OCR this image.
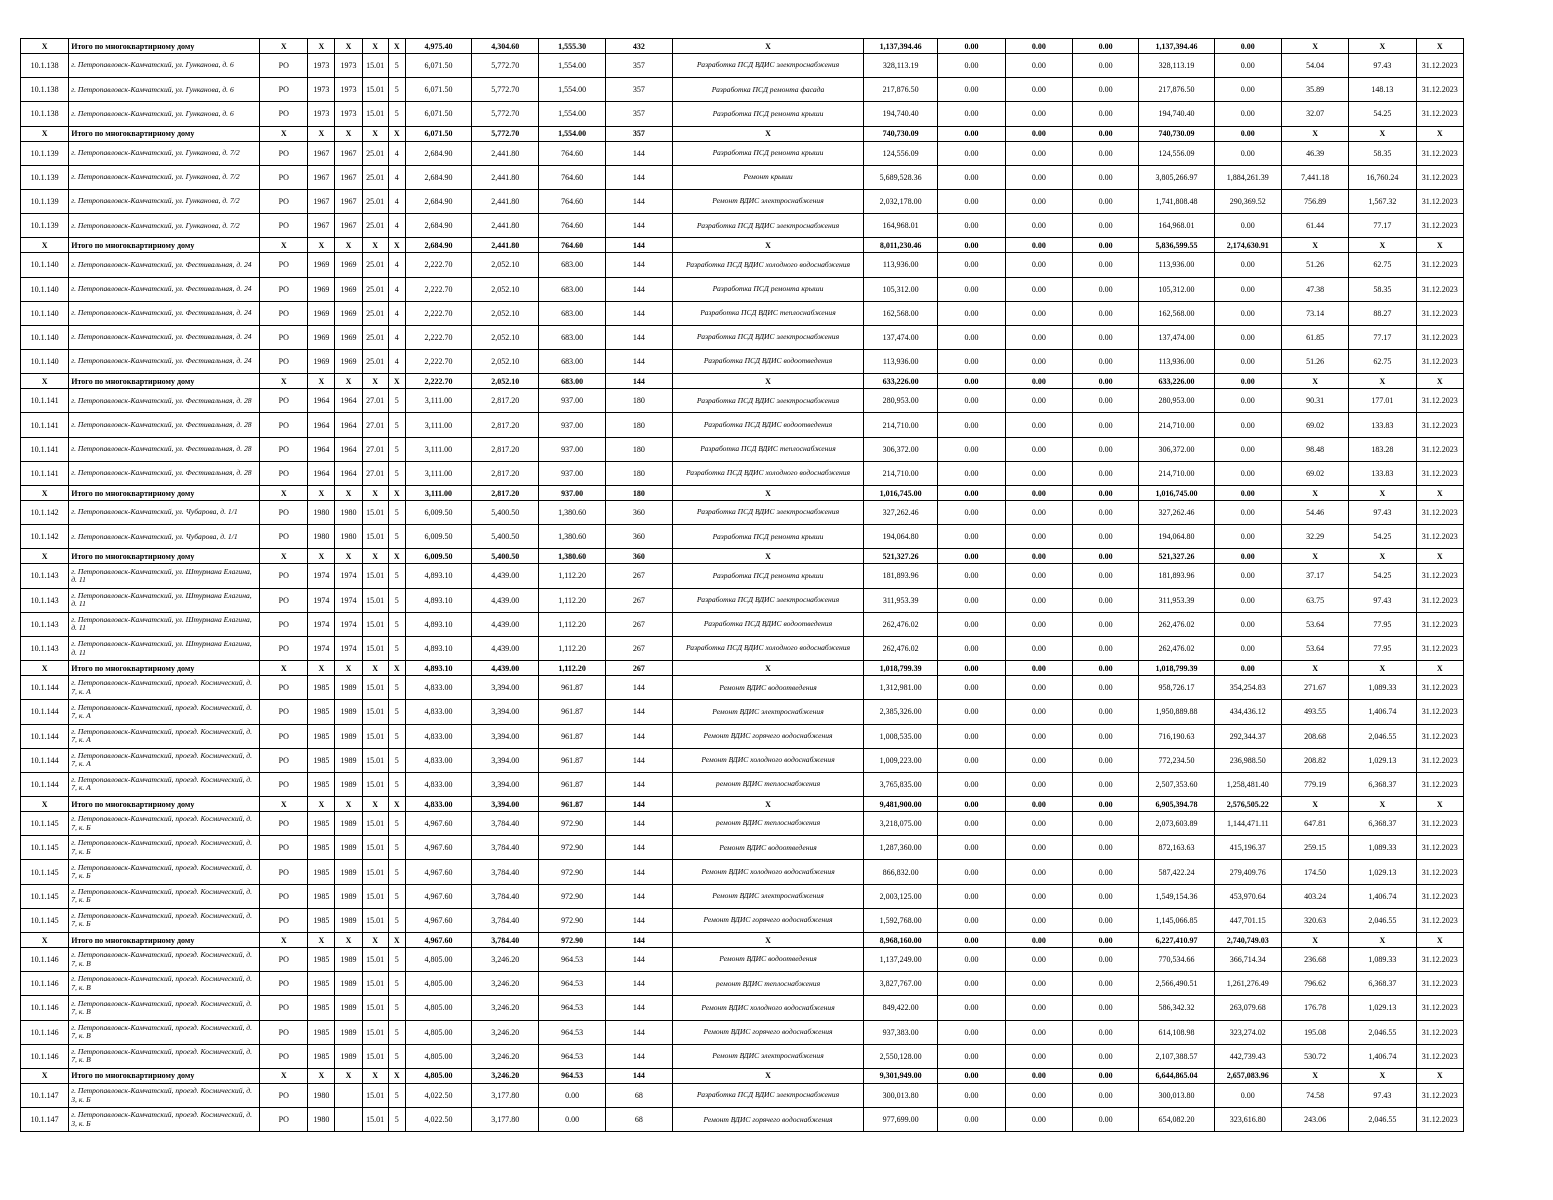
X	Итого по многоквартирному дому	X	X	X	X	X	4,975.40	4,304.60	1,555.30	432	X	1,137,394.46	0.00	0.00	0.00	1,137,394.46	0.00	X	X	X
10.1.138	г. Петропавловск-Камчатский, ул. Гунканова, д. 6	РО	1973	1973	15.01	5	6,071.50	5,772.70	1,554.00	357	Разработка ПСД ВДИС электроснабжения	328,113.19	0.00	0.00	0.00	328,113.19	0.00	54.04	97.43	31.12.2023
10.1.138	г. Петропавловск-Камчатский, ул. Гунканова, д. 6	РО	1973	1973	15.01	5	6,071.50	5,772.70	1,554.00	357	Разработка ПСД ремонта фасада	217,876.50	0.00	0.00	0.00	217,876.50	0.00	35.89	148.13	31.12.2023
10.1.138	г. Петропавловск-Камчатский, ул. Гунканова, д. 6	РО	1973	1973	15.01	5	6,071.50	5,772.70	1,554.00	357	Разработка ПСД ремонта крыши	194,740.40	0.00	0.00	0.00	194,740.40	0.00	32.07	54.25	31.12.2023
X	Итого по многоквартирному дому	X	X	X	X	X	6,071.50	5,772.70	1,554.00	357	X	740,730.09	0.00	0.00	0.00	740,730.09	0.00	X	X	X
10.1.139	г. Петропавловск-Камчатский, ул. Гунканова, д. 7/2	РО	1967	1967	25.01	4	2,684.90	2,441.80	764.60	144	Разработка ПСД ремонта крыши	124,556.09	0.00	0.00	0.00	124,556.09	0.00	46.39	58.35	31.12.2023
10.1.139	г. Петропавловск-Камчатский, ул. Гунканова, д. 7/2	РО	1967	1967	25.01	4	2,684.90	2,441.80	764.60	144	Ремонт крыши	5,689,528.36	0.00	0.00	0.00	3,805,266.97	1,884,261.39	7,441.18	16,760.24	31.12.2023
10.1.139	г. Петропавловск-Камчатский, ул. Гунканова, д. 7/2	РО	1967	1967	25.01	4	2,684.90	2,441.80	764.60	144	Ремонт ВДИС электроснабжения	2,032,178.00	0.00	0.00	0.00	1,741,808.48	290,369.52	756.89	1,567.32	31.12.2023
10.1.139	г. Петропавловск-Камчатский, ул. Гунканова, д. 7/2	РО	1967	1967	25.01	4	2,684.90	2,441.80	764.60	144	Разработка ПСД ВДИС электроснабжения	164,968.01	0.00	0.00	0.00	164,968.01	0.00	61.44	77.17	31.12.2023
X	Итого по многоквартирному дому	X	X	X	X	X	2,684.90	2,441.80	764.60	144	X	8,011,230.46	0.00	0.00	0.00	5,836,599.55	2,174,630.91	X	X	X
10.1.140	г. Петропавловск-Камчатский, ул. Фестивальная, д. 24	РО	1969	1969	25.01	4	2,222.70	2,052.10	683.00	144	Разработка ПСД ВДИС холодного водоснабжения	113,936.00	0.00	0.00	0.00	113,936.00	0.00	51.26	62.75	31.12.2023
10.1.140	г. Петропавловск-Камчатский, ул. Фестивальная, д. 24	РО	1969	1969	25.01	4	2,222.70	2,052.10	683.00	144	Разработка ПСД ремонта крыши	105,312.00	0.00	0.00	0.00	105,312.00	0.00	47.38	58.35	31.12.2023
10.1.140	г. Петропавловск-Камчатский, ул. Фестивальная, д. 24	РО	1969	1969	25.01	4	2,222.70	2,052.10	683.00	144	Разработка ПСД ВДИС теплоснабжения	162,568.00	0.00	0.00	0.00	162,568.00	0.00	73.14	88.27	31.12.2023
10.1.140	г. Петропавловск-Камчатский, ул. Фестивальная, д. 24	РО	1969	1969	25.01	4	2,222.70	2,052.10	683.00	144	Разработка ПСД ВДИС электроснабжения	137,474.00	0.00	0.00	0.00	137,474.00	0.00	61.85	77.17	31.12.2023
10.1.140	г. Петропавловск-Камчатский, ул. Фестивальная, д. 24	РО	1969	1969	25.01	4	2,222.70	2,052.10	683.00	144	Разработка ПСД ВДИС водоотведения	113,936.00	0.00	0.00	0.00	113,936.00	0.00	51.26	62.75	31.12.2023
X	Итого по многоквартирному дому	X	X	X	X	X	2,222.70	2,052.10	683.00	144	X	633,226.00	0.00	0.00	0.00	633,226.00	0.00	X	X	X
10.1.141	г. Петропавловск-Камчатский, ул. Фестивальная, д. 28	РО	1964	1964	27.01	5	3,111.00	2,817.20	937.00	180	Разработка ПСД ВДИС электроснабжения	280,953.00	0.00	0.00	0.00	280,953.00	0.00	90.31	177.01	31.12.2023
10.1.141	г. Петропавловск-Камчатский, ул. Фестивальная, д. 28	РО	1964	1964	27.01	5	3,111.00	2,817.20	937.00	180	Разработка ПСД ВДИС водоотведения	214,710.00	0.00	0.00	0.00	214,710.00	0.00	69.02	133.83	31.12.2023
10.1.141	г. Петропавловск-Камчатский, ул. Фестивальная, д. 28	РО	1964	1964	27.01	5	3,111.00	2,817.20	937.00	180	Разработка ПСД ВДИС теплоснабжения	306,372.00	0.00	0.00	0.00	306,372.00	0.00	98.48	183.28	31.12.2023
10.1.141	г. Петропавловск-Камчатский, ул. Фестивальная, д. 28	РО	1964	1964	27.01	5	3,111.00	2,817.20	937.00	180	Разработка ПСД ВДИС холодного водоснабжения	214,710.00	0.00	0.00	0.00	214,710.00	0.00	69.02	133.83	31.12.2023
X	Итого по многоквартирному дому	X	X	X	X	X	3,111.00	2,817.20	937.00	180	X	1,016,745.00	0.00	0.00	0.00	1,016,745.00	0.00	X	X	X
10.1.142	г. Петропавловск-Камчатский, ул. Чубарова, д. 1/1	РО	1980	1980	15.01	5	6,009.50	5,400.50	1,380.60	360	Разработка ПСД ВДИС электроснабжения	327,262.46	0.00	0.00	0.00	327,262.46	0.00	54.46	97.43	31.12.2023
10.1.142	г. Петропавловск-Камчатский, ул. Чубарова, д. 1/1	РО	1980	1980	15.01	5	6,009.50	5,400.50	1,380.60	360	Разработка ПСД ремонта крыши	194,064.80	0.00	0.00	0.00	194,064.80	0.00	32.29	54.25	31.12.2023
X	Итого по многоквартирному дому	X	X	X	X	X	6,009.50	5,400.50	1,380.60	360	X	521,327.26	0.00	0.00	0.00	521,327.26	0.00	X	X	X
10.1.143	г. Петропавловск-Камчатский, ул. Штурмана Елагина, д. 11	РО	1974	1974	15.01	5	4,893.10	4,439.00	1,112.20	267	Разработка ПСД ремонта крыши	181,893.96	0.00	0.00	0.00	181,893.96	0.00	37.17	54.25	31.12.2023
10.1.143	г. Петропавловск-Камчатский, ул. Штурмана Елагина, д. 11	РО	1974	1974	15.01	5	4,893.10	4,439.00	1,112.20	267	Разработка ПСД ВДИС электроснабжения	311,953.39	0.00	0.00	0.00	311,953.39	0.00	63.75	97.43	31.12.2023
10.1.143	г. Петропавловск-Камчатский, ул. Штурмана Елагина, д. 11	РО	1974	1974	15.01	5	4,893.10	4,439.00	1,112.20	267	Разработка ПСД ВДИС водоотведения	262,476.02	0.00	0.00	0.00	262,476.02	0.00	53.64	77.95	31.12.2023
10.1.143	г. Петропавловск-Камчатский, ул. Штурмана Елагина, д. 11	РО	1974	1974	15.01	5	4,893.10	4,439.00	1,112.20	267	Разработка ПСД ВДИС холодного водоснабжения	262,476.02	0.00	0.00	0.00	262,476.02	0.00	53.64	77.95	31.12.2023
X	Итого по многоквартирному дому	X	X	X	X	X	4,893.10	4,439.00	1,112.20	267	X	1,018,799.39	0.00	0.00	0.00	1,018,799.39	0.00	X	X	X
10.1.144	г. Петропавловск-Камчатский, проезд. Космический, д. 7, к. А	РО	1985	1989	15.01	5	4,833.00	3,394.00	961.87	144	Ремонт ВДИС водоотведения	1,312,981.00	0.00	0.00	0.00	958,726.17	354,254.83	271.67	1,089.33	31.12.2023
10.1.144	г. Петропавловск-Камчатский, проезд. Космический, д. 7, к. А	РО	1985	1989	15.01	5	4,833.00	3,394.00	961.87	144	Ремонт ВДИС электроснабжения	2,385,326.00	0.00	0.00	0.00	1,950,889.88	434,436.12	493.55	1,406.74	31.12.2023
10.1.144	г. Петропавловск-Камчатский, проезд. Космический, д. 7, к. А	РО	1985	1989	15.01	5	4,833.00	3,394.00	961.87	144	Ремонт ВДИС горячего водоснабжения	1,008,535.00	0.00	0.00	0.00	716,190.63	292,344.37	208.68	2,046.55	31.12.2023
10.1.144	г. Петропавловск-Камчатский, проезд. Космический, д. 7, к. А	РО	1985	1989	15.01	5	4,833.00	3,394.00	961.87	144	Ремонт ВДИС холодного водоснабжения	1,009,223.00	0.00	0.00	0.00	772,234.50	236,988.50	208.82	1,029.13	31.12.2023
10.1.144	г. Петропавловск-Камчатский, проезд. Космический, д. 7, к. А	РО	1985	1989	15.01	5	4,833.00	3,394.00	961.87	144	ремонт ВДИС теплоснабжения	3,765,835.00	0.00	0.00	0.00	2,507,353.60	1,258,481.40	779.19	6,368.37	31.12.2023
X	Итого по многоквартирному дому	X	X	X	X	X	4,833.00	3,394.00	961.87	144	X	9,481,900.00	0.00	0.00	0.00	6,905,394.78	2,576,505.22	X	X	X
10.1.145	г. Петропавловск-Камчатский, проезд. Космический, д. 7, к. Б	РО	1985	1989	15.01	5	4,967.60	3,784.40	972.90	144	ремонт ВДИС теплоснабжения	3,218,075.00	0.00	0.00	0.00	2,073,603.89	1,144,471.11	647.81	6,368.37	31.12.2023
10.1.145	г. Петропавловск-Камчатский, проезд. Космический, д. 7, к. Б	РО	1985	1989	15.01	5	4,967.60	3,784.40	972.90	144	Ремонт ВДИС водоотведения	1,287,360.00	0.00	0.00	0.00	872,163.63	415,196.37	259.15	1,089.33	31.12.2023
10.1.145	г. Петропавловск-Камчатский, проезд. Космический, д. 7, к. Б	РО	1985	1989	15.01	5	4,967.60	3,784.40	972.90	144	Ремонт ВДИС холодного водоснабжения	866,832.00	0.00	0.00	0.00	587,422.24	279,409.76	174.50	1,029.13	31.12.2023
10.1.145	г. Петропавловск-Камчатский, проезд. Космический, д. 7, к. Б	РО	1985	1989	15.01	5	4,967.60	3,784.40	972.90	144	Ремонт ВДИС электроснабжения	2,003,125.00	0.00	0.00	0.00	1,549,154.36	453,970.64	403.24	1,406.74	31.12.2023
10.1.145	г. Петропавловск-Камчатский, проезд. Космический, д. 7, к. Б	РО	1985	1989	15.01	5	4,967.60	3,784.40	972.90	144	Ремонт ВДИС горячего водоснабжения	1,592,768.00	0.00	0.00	0.00	1,145,066.85	447,701.15	320.63	2,046.55	31.12.2023
X	Итого по многоквартирному дому	X	X	X	X	X	4,967.60	3,784.40	972.90	144	X	8,968,160.00	0.00	0.00	0.00	6,227,410.97	2,740,749.03	X	X	X
10.1.146	г. Петропавловск-Камчатский, проезд. Космический, д. 7, к. В	РО	1985	1989	15.01	5	4,805.00	3,246.20	964.53	144	Ремонт ВДИС водоотведения	1,137,249.00	0.00	0.00	0.00	770,534.66	366,714.34	236.68	1,089.33	31.12.2023
10.1.146	г. Петропавловск-Камчатский, проезд. Космический, д. 7, к. В	РО	1985	1989	15.01	5	4,805.00	3,246.20	964.53	144	ремонт ВДИС теплоснабжения	3,827,767.00	0.00	0.00	0.00	2,566,490.51	1,261,276.49	796.62	6,368.37	31.12.2023
10.1.146	г. Петропавловск-Камчатский, проезд. Космический, д. 7, к. В	РО	1985	1989	15.01	5	4,805.00	3,246.20	964.53	144	Ремонт ВДИС холодного водоснабжения	849,422.00	0.00	0.00	0.00	586,342.32	263,079.68	176.78	1,029.13	31.12.2023
10.1.146	г. Петропавловск-Камчатский, проезд. Космический, д. 7, к. В	РО	1985	1989	15.01	5	4,805.00	3,246.20	964.53	144	Ремонт ВДИС горячего водоснабжения	937,383.00	0.00	0.00	0.00	614,108.98	323,274.02	195.08	2,046.55	31.12.2023
10.1.146	г. Петропавловск-Камчатский, проезд. Космический, д. 7, к. В	РО	1985	1989	15.01	5	4,805.00	3,246.20	964.53	144	Ремонт ВДИС электроснабжения	2,550,128.00	0.00	0.00	0.00	2,107,388.57	442,739.43	530.72	1,406.74	31.12.2023
X	Итого по многоквартирному дому	X	X	X	X	X	4,805.00	3,246.20	964.53	144	X	9,301,949.00	0.00	0.00	0.00	6,644,865.04	2,657,083.96	X	X	X
10.1.147	г. Петропавловск-Камчатский, проезд. Космический, д. 3, к. Б	РО	1980		15.01	5	4,022.50	3,177.80	0.00	68	Разработка ПСД ВДИС электроснабжения	300,013.80	0.00	0.00	0.00	300,013.80	0.00	74.58	97.43	31.12.2023
10.1.147	г. Петропавловск-Камчатский, проезд. Космический, д. 3, к. Б	РО	1980		15.01	5	4,022.50	3,177.80	0.00	68	Ремонт ВДИС горячего водоснабжения	977,699.00	0.00	0.00	0.00	654,082.20	323,616.80	243.06	2,046.55	31.12.2023
